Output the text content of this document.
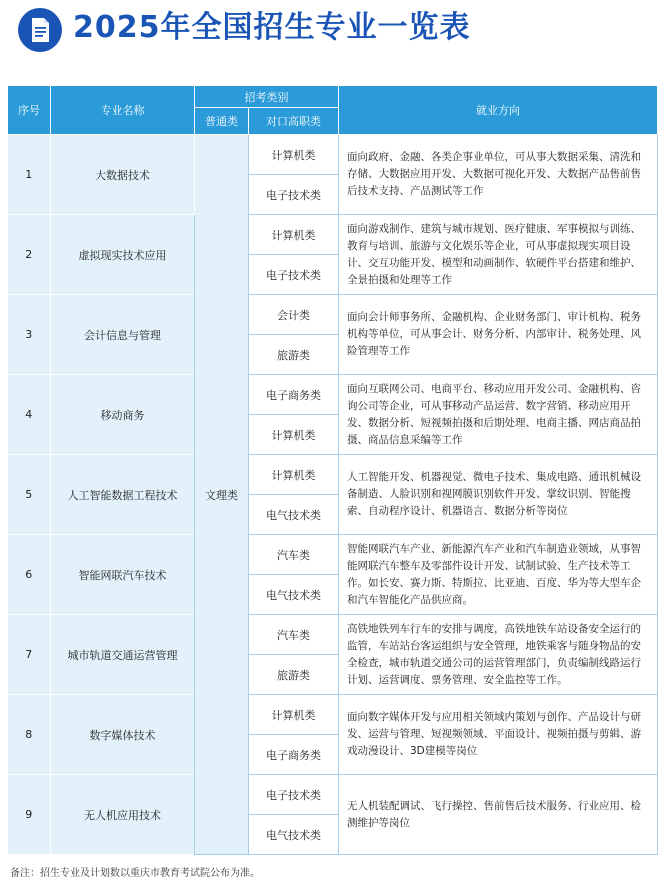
2025年全国招生专业一览表
序号	专业名称	招考类别		就业方向
		普通类	对口高职类	
1	大数据技术	文理类	计算机类	面向政府、金融、各类企事业单位，可从事大数据采集、清洗和存储、大数据应用开发、大数据可视化开发、大数据产品售前售后技术支持、产品测试等工作
			电子技术类	
2	虚拟现实技术应用		计算机类	面向游戏制作、建筑与城市规划、医疗健康、军事模拟与训练、教育与培训、旅游与文化娱乐等企业，可从事虚拟现实项目设计、交互功能开发、模型和动画制作、软硬件平台搭建和维护、全景拍摄和处理等工作
			电子技术类	
3	会计信息与管理		会计类	面向会计师事务所、金融机构、企业财务部门、审计机构、税务机构等单位，可从事会计、财务分析、内部审计、税务处理、风险管理等工作
			旅游类	
4	移动商务		电子商务类	面向互联网公司、电商平台、移动应用开发公司、金融机构、咨询公司等企业，可从事移动产品运营、数字营销、移动应用开发、数据分析、短视频拍摄和后期处理、电商主播、网店商品拍摄、商品信息采编等工作
			计算机类	
5	人工智能数据工程技术		计算机类	人工智能开发、机器视觉、微电子技术、集成电路、通讯机械设备制造、人脸识别和视网膜识别软件开发、掌纹识别、智能搜索、自动程序设计、机器语言、数据分析等岗位
			电气技术类	
6	智能网联汽车技术		汽车类	智能网联汽车产业、新能源汽车产业和汽车制造业领域，从事智能网联汽车整车及零部件设计开发、试制试验、生产技术等工作。如长安、赛力斯、特斯拉、比亚迪、百度、华为等大型车企和汽车智能化产品供应商。
			电气技术类	
7	城市轨道交通运营管理		汽车类	高铁地铁列车行车的安排与调度，高铁地铁车站设备安全运行的监管，车站站台客运组织与安全管理，地铁乘客与随身物品的安全检查，城市轨道交通公司的运营管理部门，负责编制线路运行计划、运营调度、票务管理、安全监控等工作。
			旅游类	
8	数字媒体技术		计算机类	面向数字媒体开发与应用相关领域内策划与创作、产品设计与研发、运营与管理、短视频领域、平面设计、视频拍摄与剪辑、游戏动漫设计、3D建模等岗位
			电子商务类	
9	无人机应用技术		电子技术类	无人机装配调试、飞行操控、售前售后技术服务、行业应用、检测维护等岗位
			电气技术类	
备注：招生专业及计划数以重庆市教育考试院公布为准。
